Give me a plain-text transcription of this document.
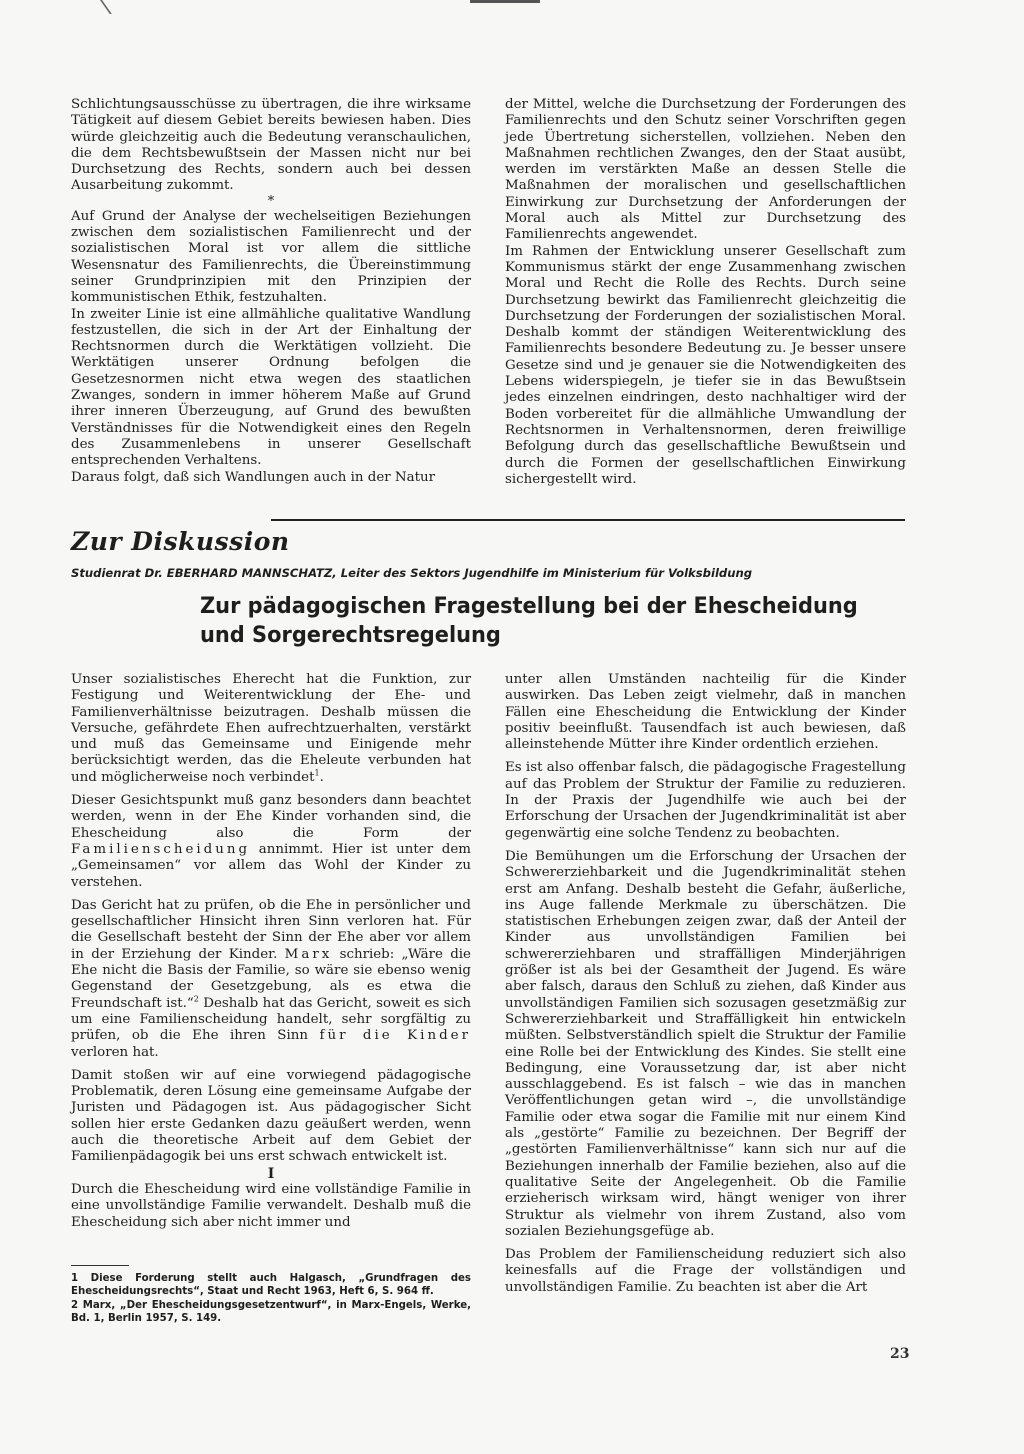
Schlichtungsausschüsse zu übertragen, die ihre wirksame Tätigkeit auf diesem Gebiet bereits bewiesen haben. Dies würde gleichzeitig auch die Bedeutung veranschaulichen, die dem Rechtsbewußtsein der Massen nicht nur bei Durchsetzung des Rechts, sondern auch bei dessen Ausarbeitung zukommt.

*

Auf Grund der Analyse der wechelseitigen Beziehungen zwischen dem sozialistischen Familienrecht und der sozialistischen Moral ist vor allem die sittliche Wesensnatur des Familienrechts, die Übereinstimmung seiner Grundprinzipien mit den Prinzipien der kommunistischen Ethik, festzuhalten.

In zweiter Linie ist eine allmähliche qualitative Wandlung festzustellen, die sich in der Art der Einhaltung der Rechtsnormen durch die Werktätigen vollzieht. Die Werktätigen unserer Ordnung befolgen die Gesetzesnormen nicht etwa wegen des staatlichen Zwanges, sondern in immer höherem Maße auf Grund ihrer inneren Überzeugung, auf Grund des bewußten Verständnisses für die Notwendigkeit eines den Regeln des Zusammenlebens in unserer Gesellschaft entsprechenden Verhaltens.

Daraus folgt, daß sich Wandlungen auch in der Natur

der Mittel, welche die Durchsetzung der Forderungen des Familienrechts und den Schutz seiner Vorschriften gegen jede Übertretung sicherstellen, vollziehen. Neben den Maßnahmen rechtlichen Zwanges, den der Staat ausübt, werden im verstärkten Maße an dessen Stelle die Maßnahmen der moralischen und gesellschaftlichen Einwirkung zur Durchsetzung der Anforderungen der Moral auch als Mittel zur Durchsetzung des Familienrechts angewendet.

Im Rahmen der Entwicklung unserer Gesellschaft zum Kommunismus stärkt der enge Zusammenhang zwischen Moral und Recht die Rolle des Rechts. Durch seine Durchsetzung bewirkt das Familienrecht gleichzeitig die Durchsetzung der Forderungen der sozialistischen Moral. Deshalb kommt der ständigen Weiterentwicklung des Familienrechts besondere Bedeutung zu. Je besser unsere Gesetze sind und je genauer sie die Notwendigkeiten des Lebens widerspiegeln, je tiefer sie in das Bewußtsein jedes einzelnen eindringen, desto nachhaltiger wird der Boden vorbereitet für die allmähliche Umwandlung der Rechtsnormen in Verhaltensnormen, deren freiwillige Befolgung durch das gesellschaftliche Bewußtsein und durch die Formen der gesellschaftlichen Einwirkung sichergestellt wird.

Zur Diskussion
Studienrat Dr. EBERHARD MANNSCHATZ, Leiter des Sektors Jugendhilfe im Ministerium für Volksbildung
Zur pädagogischen Fragestellung bei der Ehescheidung
und Sorgerechtsregelung

Unser sozialistisches Eherecht hat die Funktion, zur Festigung und Weiterentwicklung der Ehe- und Familienverhältnisse beizutragen. Deshalb müssen die Versuche, gefährdete Ehen aufrechtzuerhalten, verstärkt und muß das Gemeinsame und Einigende mehr berücksichtigt werden, das die Eheleute verbunden hat und möglicherweise noch verbindet$^1$.

Dieser Gesichtspunkt muß ganz besonders dann beachtet werden, wenn in der Ehe Kinder vorhanden sind, die Ehescheidung also die Form der Familienscheidung annimmt. Hier ist unter dem „Gemeinsamen“ vor allem das Wohl der Kinder zu verstehen.

Das Gericht hat zu prüfen, ob die Ehe in persönlicher und gesellschaftlicher Hinsicht ihren Sinn verloren hat. Für die Gesellschaft besteht der Sinn der Ehe aber vor allem in der Erziehung der Kinder. Marx schrieb: „Wäre die Ehe nicht die Basis der Familie, so wäre sie ebenso wenig Gegenstand der Gesetzgebung, als es etwa die Freundschaft ist.“$^2$ Deshalb hat das Gericht, soweit es sich um eine Familienscheidung handelt, sehr sorgfältig zu prüfen, ob die Ehe ihren Sinn für die Kinder verloren hat.

Damit stoßen wir auf eine vorwiegend pädagogische Problematik, deren Lösung eine gemeinsame Aufgabe der Juristen und Pädagogen ist. Aus pädagogischer Sicht sollen hier erste Gedanken dazu geäußert werden, wenn auch die theoretische Arbeit auf dem Gebiet der Familienpädagogik bei uns erst schwach entwickelt ist.

I

Durch die Ehescheidung wird eine vollständige Familie in eine unvollständige Familie verwandelt. Deshalb muß die Ehescheidung sich aber nicht immer und

1 Diese Forderung stellt auch Halgasch, „Grundfragen des Ehescheidungsrechts“, Staat und Recht 1963, Heft 6, S. 964 ff.

2 Marx, „Der Ehescheidungsgesetzentwurf“, in Marx-Engels, Werke, Bd. 1, Berlin 1957, S. 149.

unter allen Umständen nachteilig für die Kinder auswirken. Das Leben zeigt vielmehr, daß in manchen Fällen eine Ehescheidung die Entwicklung der Kinder positiv beeinflußt. Tausendfach ist auch bewiesen, daß alleinstehende Mütter ihre Kinder ordentlich erziehen.

Es ist also offenbar falsch, die pädagogische Fragestellung auf das Problem der Struktur der Familie zu reduzieren. In der Praxis der Jugendhilfe wie auch bei der Erforschung der Ursachen der Jugendkriminalität ist aber gegenwärtig eine solche Tendenz zu beobachten.

Die Bemühungen um die Erforschung der Ursachen der Schwererziehbarkeit und die Jugendkriminalität stehen erst am Anfang. Deshalb besteht die Gefahr, äußerliche, ins Auge fallende Merkmale zu überschätzen. Die statistischen Erhebungen zeigen zwar, daß der Anteil der Kinder aus unvollständigen Familien bei schwererziehbaren und straffälligen Minderjährigen größer ist als bei der Gesamtheit der Jugend. Es wäre aber falsch, daraus den Schluß zu ziehen, daß Kinder aus unvollständigen Familien sich sozusagen gesetzmäßig zur Schwererziehbarkeit und Straffälligkeit hin entwickeln müßten. Selbstverständlich spielt die Struktur der Familie eine Rolle bei der Entwicklung des Kindes. Sie stellt eine Bedingung, eine Voraussetzung dar, ist aber nicht ausschlaggebend. Es ist falsch – wie das in manchen Veröffentlichungen getan wird –, die unvollständige Familie oder etwa sogar die Familie mit nur einem Kind als „gestörte“ Familie zu bezeichnen. Der Begriff der „gestörten Familienverhältnisse“ kann sich nur auf die Beziehungen innerhalb der Familie beziehen, also auf die qualitative Seite der Angelegenheit. Ob die Familie erzieherisch wirksam wird, hängt weniger von ihrer Struktur als vielmehr von ihrem Zustand, also vom sozialen Beziehungsgefüge ab.

Das Problem der Familienscheidung reduziert sich also keinesfalls auf die Frage der vollständigen und unvollständigen Familie. Zu beachten ist aber die Art

23
